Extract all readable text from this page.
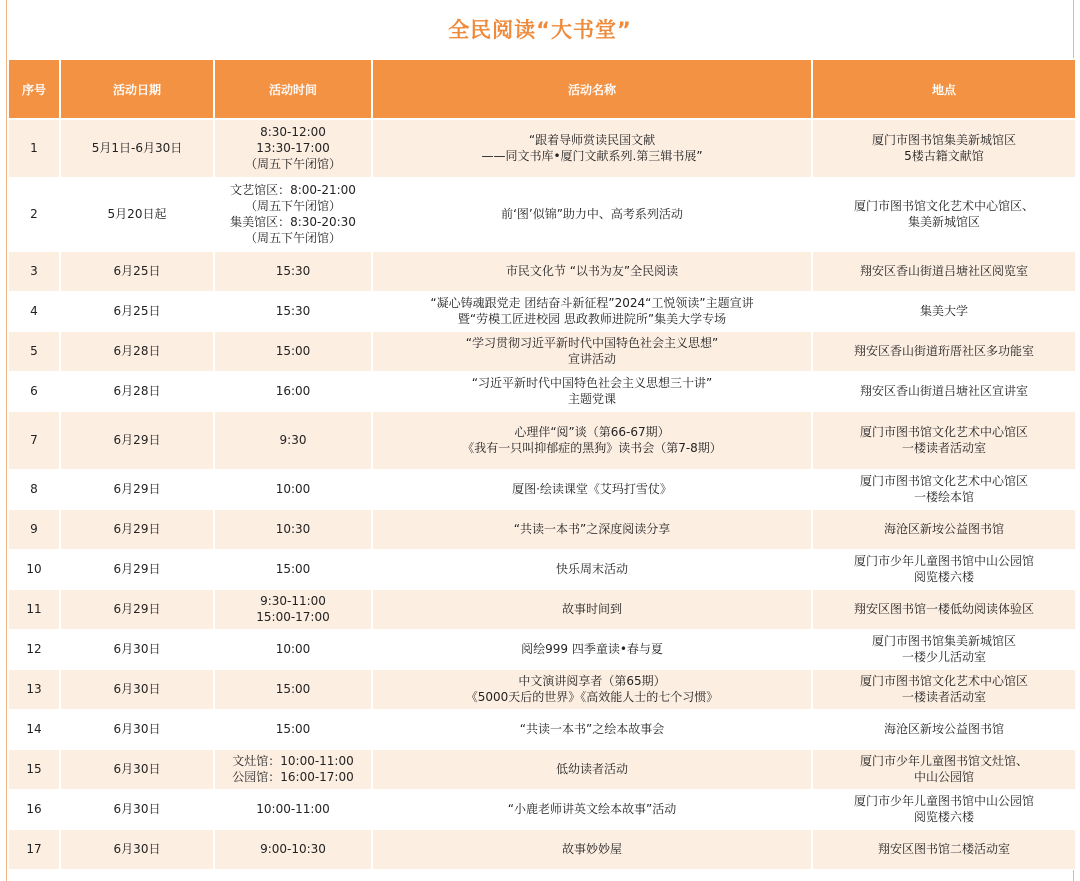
全民阅读“大书堂”
序号	活动日期	活动时间	活动名称	地点
1	5月1日-6月30日	8:30-12:00
13:30-17:00
（周五下午闭馆）	“跟着导师赏读民国文献
——同文书库•厦门文献系列.第三辑书展”	厦门市图书馆集美新城馆区
5楼古籍文献馆
2	5月20日起	文艺馆区：8:00-21:00
（周五下午闭馆）
集美馆区：8:30-20:30
（周五下午闭馆）	前‘图’似锦”助力中、高考系列活动	厦门市图书馆文化艺术中心馆区、
集美新城馆区
3	6月25日	15:30	市民文化节 “以书为友”全民阅读	翔安区香山街道吕塘社区阅览室
4	6月25日	15:30	“凝心铸魂跟党走 团结奋斗新征程”2024“工悦领读”主题宣讲
暨“劳模工匠进校园 思政教师进院所”集美大学专场	集美大学
5	6月28日	15:00	“学习贯彻习近平新时代中国特色社会主义思想”
宣讲活动	翔安区香山街道珩厝社区多功能室
6	6月28日	16:00	“习近平新时代中国特色社会主义思想三十讲”
主题党课	翔安区香山街道吕塘社区宣讲室
7	6月29日	9:30	心理伴“阅”谈（第66-67期）
《我有一只叫抑郁症的黑狗》读书会（第7-8期）	厦门市图书馆文化艺术中心馆区
一楼读者活动室
8	6月29日	10:00	厦图·绘读课堂《艾玛打雪仗》	厦门市图书馆文化艺术中心馆区
一楼绘本馆
9	6月29日	10:30	“共读一本书”之深度阅读分享	海沧区新垵公益图书馆
10	6月29日	15:00	快乐周末活动	厦门市少年儿童图书馆中山公园馆
阅览楼六楼
11	6月29日	9:30-11:00
15:00-17:00	故事时间到	翔安区图书馆一楼低幼阅读体验区
12	6月30日	10:00	阅绘999 四季童读•春与夏	厦门市图书馆集美新城馆区
一楼少儿活动室
13	6月30日	15:00	中文演讲阅享者（第65期）
《5000天后的世界》《高效能人士的七个习惯》	厦门市图书馆文化艺术中心馆区
一楼读者活动室
14	6月30日	15:00	“共读一本书”之绘本故事会	海沧区新垵公益图书馆
15	6月30日	文灶馆：10:00-11:00
公园馆：16:00-17:00	低幼读者活动	厦门市少年儿童图书馆文灶馆、
中山公园馆
16	6月30日	10:00-11:00	“小鹿老师讲英文绘本故事”活动	厦门市少年儿童图书馆中山公园馆
阅览楼六楼
17	6月30日	9:00-10:30	故事妙妙屋	翔安区图书馆二楼活动室
